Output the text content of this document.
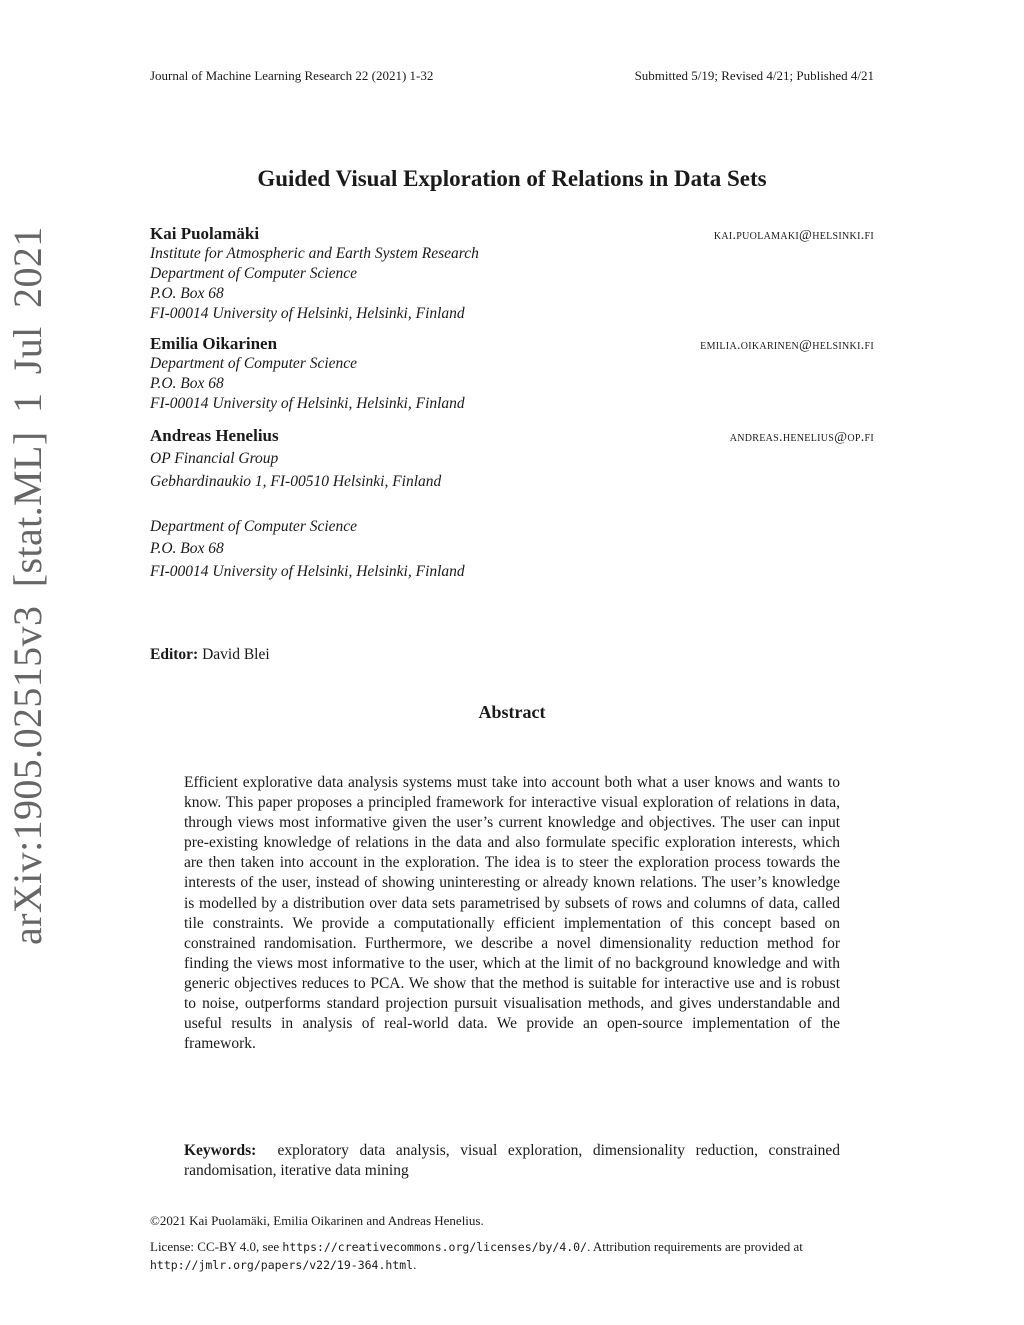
Journal of Machine Learning Research 22 (2021) 1-32	Submitted 5/19; Revised 4/21; Published 4/21
arXiv:1905.02515v3 [stat.ML] 1 Jul 2021
Guided Visual Exploration of Relations in Data Sets
Kai Puolamäki	kai.puolamaki@helsinki.fi
Institute for Atmospheric and Earth System Research
Department of Computer Science
P.O. Box 68
FI-00014 University of Helsinki, Helsinki, Finland
Emilia Oikarinen	emilia.oikarinen@helsinki.fi
Department of Computer Science
P.O. Box 68
FI-00014 University of Helsinki, Helsinki, Finland
Andreas Henelius	andreas.henelius@op.fi
OP Financial Group
Gebhardinaukio 1, FI-00510 Helsinki, Finland
Department of Computer Science
P.O. Box 68
FI-00014 University of Helsinki, Helsinki, Finland
Editor: David Blei
Abstract
Efficient explorative data analysis systems must take into account both what a user knows and wants to know. This paper proposes a principled framework for interactive visual exploration of relations in data, through views most informative given the user’s current knowledge and objectives. The user can input pre-existing knowledge of relations in the data and also formulate specific exploration interests, which are then taken into account in the exploration. The idea is to steer the exploration process towards the interests of the user, instead of showing uninteresting or already known relations. The user’s knowledge is modelled by a distribution over data sets parametrised by subsets of rows and columns of data, called tile constraints. We provide a computationally efficient implementation of this concept based on constrained randomisation. Furthermore, we describe a novel dimensionality reduction method for finding the views most informative to the user, which at the limit of no background knowledge and with generic objectives reduces to PCA. We show that the method is suitable for interactive use and is robust to noise, outperforms standard projection pursuit visualisation methods, and gives understandable and useful results in analysis of real-world data. We provide an open-source implementation of the framework.
Keywords: exploratory data analysis, visual exploration, dimensionality reduction, constrained randomisation, iterative data mining
©2021 Kai Puolamäki, Emilia Oikarinen and Andreas Henelius.
License: CC-BY 4.0, see https://creativecommons.org/licenses/by/4.0/. Attribution requirements are provided at http://jmlr.org/papers/v22/19-364.html.
